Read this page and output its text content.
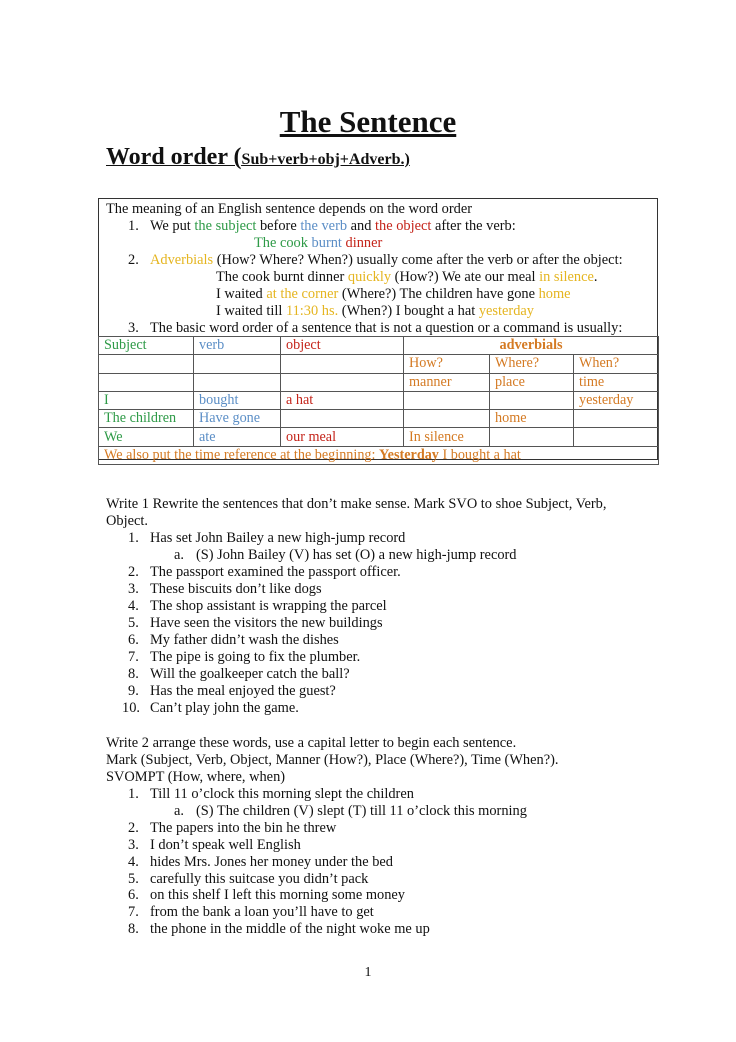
The Sentence
Word order (Sub+verb+obj+Adverb.)
The meaning of an English sentence depends on the word order
1. We put the subject before the verb and the object after the verb:
The cook burnt dinner
2. Adverbials (How? Where? When?) usually come after the verb or after the object:
The cook burnt dinner quickly (How?) We ate our meal in silence.
I waited at the corner (Where?) The children have gone home
I waited till 11:30 hs. (When?) I bought a hat yesterday
3. The basic word order of a sentence that is not a question or a command is usually:
Subject	verb	object	adverbials		
			How?	Where?	When?
			manner	place	time
I	bought	a hat			yesterday
The children	Have gone			home	
We	ate	our meal	In silence		
We also put the time reference at the beginning: Yesterday I bought a hat					
Write 1 Rewrite the sentences that don’t make sense. Mark SVO to shoe Subject, Verb,
Object.
1. Has set John Bailey a new high-jump record
a. (S) John Bailey (V) has set (O) a new high-jump record
2. The passport examined the passport officer.
3. These biscuits don’t like dogs
4. The shop assistant is wrapping the parcel
5. Have seen the visitors the new buildings
6. My father didn’t wash the dishes
7. The pipe is going to fix the plumber.
8. Will the goalkeeper catch the ball?
9. Has the meal enjoyed the guest?
10. Can’t play john the game.
Write 2 arrange these words, use a capital letter to begin each sentence.
Mark (Subject, Verb, Object, Manner (How?), Place (Where?), Time (When?).
SVOMPT (How, where, when)
1. Till 11 o’clock this morning slept the children
a. (S) The children (V) slept (T) till 11 o’clock this morning
2. The papers into the bin he threw
3. I don’t speak well English
4. hides Mrs. Jones her money under the bed
5. carefully this suitcase you didn’t pack
6. on this shelf I left this morning some money
7. from the bank a loan you’ll have to get
8. the phone in the middle of the night woke me up
1
